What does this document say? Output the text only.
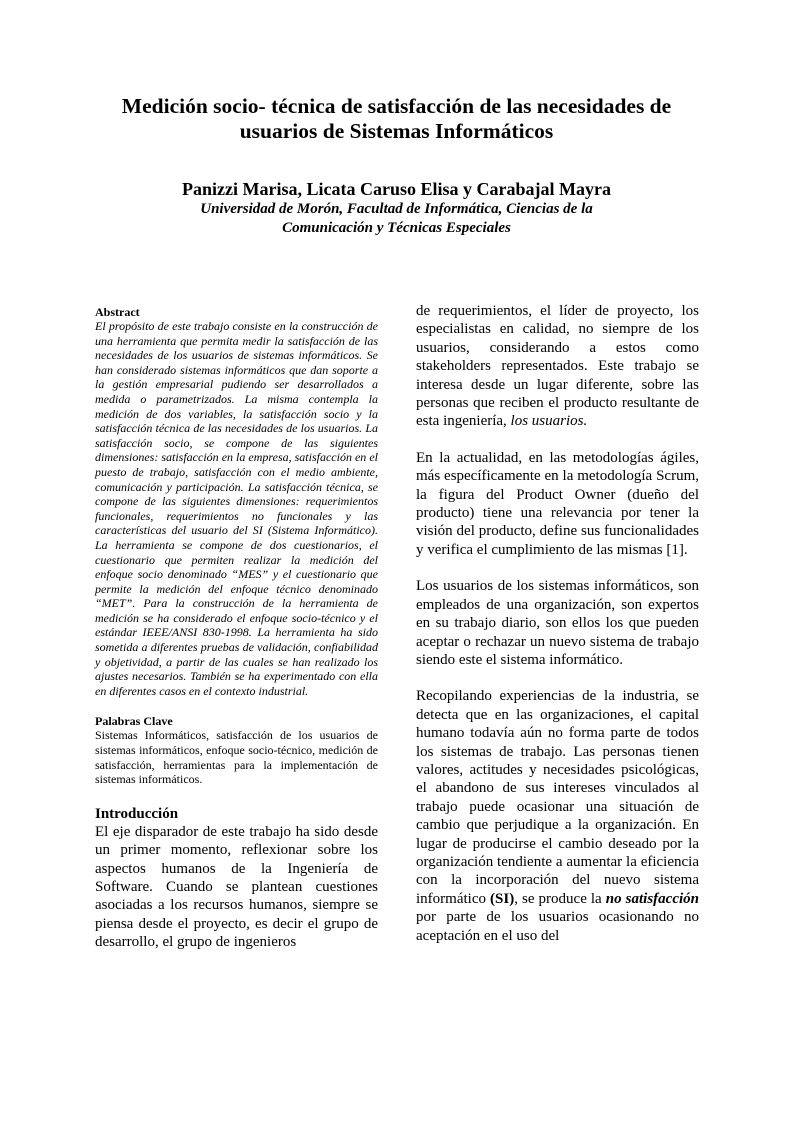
Medición socio- técnica de satisfacción de las necesidades de
usuarios de Sistemas Informáticos

Panizzi Marisa, Licata Caruso Elisa y Carabajal Mayra

Universidad de Morón, Facultad de Informática, Ciencias de la
Comunicación y Técnicas Especiales

Abstract

El propósito de este trabajo consiste en la construcción de una herramienta que permita medir la satisfacción de las necesidades de los usuarios de sistemas informáticos. Se han considerado sistemas informáticos que dan soporte a la gestión empresarial pudiendo ser desarrollados a medida o parametrizados. La misma contempla la medición de dos variables, la satisfacción socio y la satisfacción técnica de las necesidades de los usuarios. La satisfacción socio, se compone de las siguientes dimensiones: satisfacción en la empresa, satisfacción en el puesto de trabajo, satisfacción con el medio ambiente, comunicación y participación. La satisfacción técnica, se compone de las siguientes dimensiones: requerimientos funcionales, requerimientos no funcionales y las características del usuario del SI (Sistema Informático). La herramienta se compone de dos cuestionarios, el cuestionario que permiten realizar la medición del enfoque socio denominado “MES” y el cuestionario que permite la medición del enfoque técnico denominado “MET”. Para la construcción de la herramienta de medición se ha considerado el enfoque socio-técnico y el estándar IEEE/ANSI 830-1998. La herramienta ha sido sometida a diferentes pruebas de validación, confiabilidad y objetividad, a partir de las cuales se han realizado los ajustes necesarios. También se ha experimentado con ella en diferentes casos en el contexto industrial.

Palabras Clave

Sistemas Informáticos, satisfacción de los usuarios de sistemas informáticos, enfoque socio-técnico, medición de satisfacción, herramientas para la implementación de sistemas informáticos.

Introducción

El eje disparador de este trabajo ha sido desde un primer momento, reflexionar sobre los aspectos humanos de la Ingeniería de Software. Cuando se plantean cuestiones asociadas a los recursos humanos, siempre se piensa desde el proyecto, es decir el grupo de desarrollo, el grupo de ingenieros

de requerimientos, el líder de proyecto, los especialistas en calidad, no siempre de los usuarios, considerando a estos como stakeholders representados. Este trabajo se interesa desde un lugar diferente, sobre las personas que reciben el producto resultante de esta ingeniería, los usuarios.

En la actualidad, en las metodologías ágiles, más específicamente en la metodología Scrum, la figura del Product Owner (dueño del producto) tiene una relevancia por tener la visión del producto, define sus funcionalidades y verifica el cumplimiento de las mismas [1].

Los usuarios de los sistemas informáticos, son empleados de una organización, son expertos en su trabajo diario, son ellos los que pueden aceptar o rechazar un nuevo sistema de trabajo siendo este el sistema informático.

Recopilando experiencias de la industria, se detecta que en las organizaciones, el capital humano todavía aún no forma parte de todos los sistemas de trabajo. Las personas tienen valores, actitudes y necesidades psicológicas, el abandono de sus intereses vinculados al trabajo puede ocasionar una situación de cambio que perjudique a la organización. En lugar de producirse el cambio deseado por la organización tendiente a aumentar la eficiencia con la incorporación del nuevo sistema informático (SI), se produce la no satisfacción por parte de los usuarios ocasionando no aceptación en el uso del
